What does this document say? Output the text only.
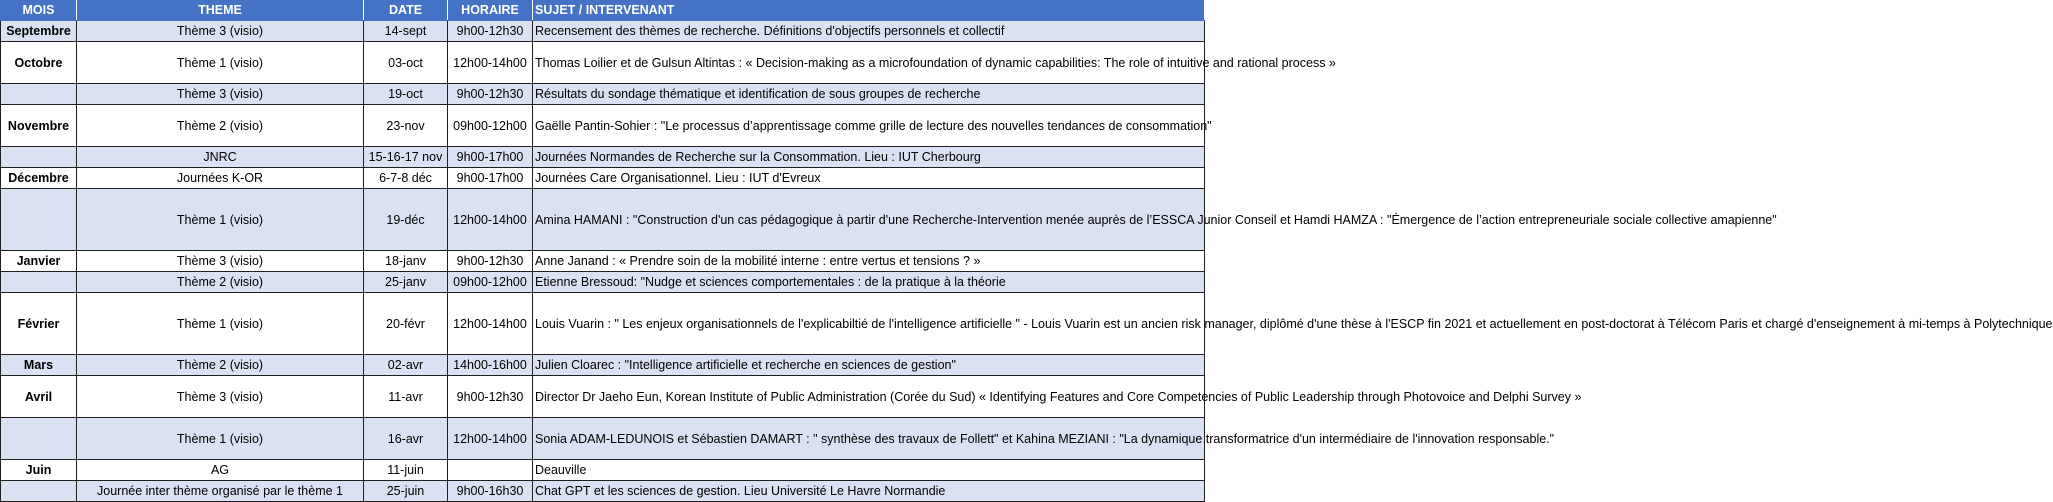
MOIS	THEME	DATE	HORAIRE	SUJET / INTERVENANT
Septembre	Thème 3 (visio)	14-sept	9h00-12h30	Recensement des thèmes de recherche. Définitions d'objectifs personnels et collectif
Octobre	Thème 1 (visio)	03-oct	12h00-14h00	Thomas Loilier et de Gulsun Altintas : « Decision-making as a microfoundation of dynamic capabilities: The role of intuitive and rational process »
	Thème 3 (visio)	19-oct	9h00-12h30	Résultats du sondage thématique et identification de sous groupes de recherche
Novembre	Thème 2 (visio)	23-nov	09h00-12h00	Gaëlle Pantin-Sohier : "Le processus d’apprentissage comme grille de lecture des nouvelles tendances de consommation"
	JNRC	15-16-17 nov	9h00-17h00	Journées Normandes de Recherche sur la Consommation. Lieu : IUT Cherbourg
Décembre	Journées K-OR	6-7-8 déc	9h00-17h00	Journées Care Organisationnel. Lieu : IUT d'Evreux
	Thème 1 (visio)	19-déc	12h00-14h00	Amina HAMANI : "Construction d'un cas pédagogique à partir d'une Recherche-Intervention menée auprès de l’ESSCA Junior Conseil et Hamdi HAMZA : "Émergence de l’action entrepreneuriale sociale collective amapienne"
Janvier	Thème 3 (visio)	18-janv	9h00-12h30	Anne Janand : « Prendre soin de la mobilité interne : entre vertus et tensions ? »
	Thème 2 (visio)	25-janv	09h00-12h00	Etienne Bressoud: "Nudge et sciences comportementales : de la pratique à la théorie
Février	Thème 1 (visio)	20-févr	12h00-14h00	Louis Vuarin : " Les enjeux organisationnels de l'explicabiltié de l'intelligence artificielle " - Louis Vuarin est un ancien risk manager, diplômé d'une thèse à l'ESCP fin 2021 et actuellement en post-doctorat à Télécom Paris et chargé d'enseignement à mi-temps à Polytechnique
Mars	Thème 2 (visio)	02-avr	14h00-16h00	Julien Cloarec : "Intelligence artificielle et recherche en sciences de gestion"
Avril	Thème 3 (visio)	11-avr	9h00-12h30	Director Dr Jaeho Eun, Korean Institute of Public Administration (Corée du Sud) « Identifying Features and Core Competencies of Public Leadership through Photovoice and Delphi Survey »
	Thème 1 (visio)	16-avr	12h00-14h00	Sonia ADAM-LEDUNOIS et Sébastien DAMART : " synthèse des travaux de Follett" et Kahina MEZIANI : "La dynamique transformatrice d'un intermédiaire de l'innovation responsable."
Juin	AG	11-juin		Deauville
	Journée inter thème organisé par le thème 1	25-juin	9h00-16h30	Chat GPT et les sciences de gestion. Lieu Université Le Havre Normandie
